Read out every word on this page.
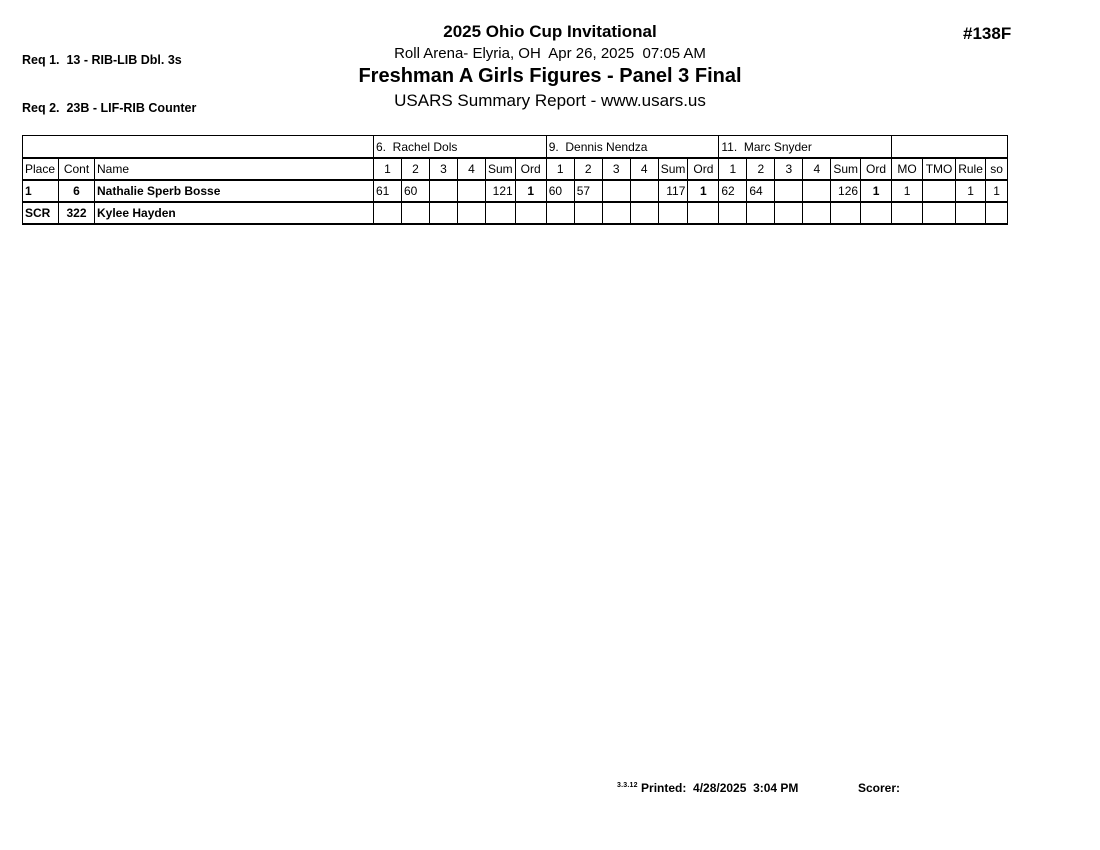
Req 1.  13 - RIB-LIB Dbl. 3s

Req 2.  23B - LIF-RIB Counter

#138F
2025 Ohio Cup Invitational
Roll Arena- Elyria, OH  Apr 26, 2025  07:05 AM
Freshman A Girls Figures - Panel 3 Final
USARS Summary Report - www.usars.us
			6.  Rachel Dols						9.  Dennis Nendza						11.  Marc Snyder									
Place	Cont	Name	1	2	3	4	Sum	Ord	1	2	3	4	Sum	Ord	1	2	3	4	Sum	Ord	MO	TMO	Rule	so
1	6	Nathalie Sperb Bosse	61	60			121	1	60	57			117	1	62	64			126	1	1		1	1
SCR	322	Kylee Hayden																						
$^{3.3.12}$ Printed:  4/28/2025  3:04 PM	Scorer:
